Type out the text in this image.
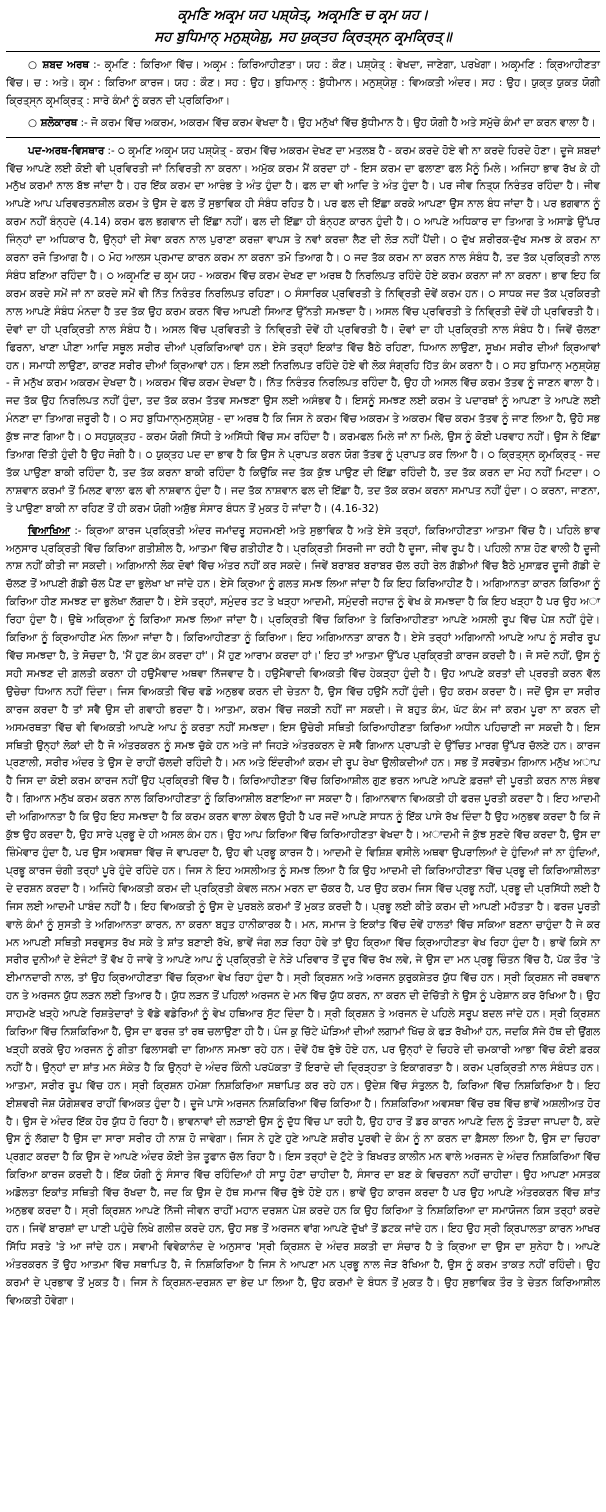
ਕਰ੍ਮਣਿ ਅਕਰ੍ਮ ਯਹ ਪਸ਼੍ਯੇਤ੍, ਅਕਰ੍ਮਣਿ ਚ ਕਰ੍ਮ ਯਹ।

ਸਹ ਬੁਧਿਮਾਨ੍ ਮਨੁਸ਼੍ਯੇਸ਼ੁ, ਸਹ ਯੁਕ੍ਤਹ ਕ੍ਰਿਤ੍ਸ੍ਨ ਕਰ੍ਮਕ੍ਰਿਤ੍॥

○ ਸ਼ਬਦ ਅਰਥ :- ਕਰ੍ਮਣਿ : ਕਿਰਿਆ ਵਿੱਚ। ਅਕਰ੍ਮ : ਕਿਰਿਆਹੀਣਤਾ। ਯਹ : ਕੌਣ। ਪਸ਼੍ਯੇਤ੍ : ਵੇਖਦਾ, ਜਾਣੇਗਾ, ਪਰਖੇਗਾ। ਅਕਰ੍ਮਣਿ : ਕ੍ਰਿਆਹੀਣਤਾ ਵਿੱਚ। ਚ : ਅਤੇ। ਕਰ੍ਮ : ਕਿਰਿਆ ਕਾਰਜ। ਯਹ : ਕੌਣ। ਸਹ : ਉਹ। ਬੁਧਿਮਾਨ੍ : ਬੁੱਧੀਮਾਨ। ਮਨੁਸ਼੍ਯੇਸ਼ੁ : ਵਿਅਕਤੀ ਅੰਦਰ। ਸਹ : ਉਹ। ਯੁਕ੍ਤ ਯੁਕਤ ਯੋਗੀ ਕ੍ਰਿਤ੍ਸ੍ਨ ਕਰ੍ਮਕ੍ਰਿਤ੍ : ਸਾਰੇ ਕੰਮਾਂ ਨੂੰ ਕਰਨ ਦੀ ਪ੍ਰਕਿਰਿਆ।

○ ਸ਼ਲੋਕਾਰਥ :- ਜੋ ਕਰਮ ਵਿੱਚ ਅਕਰਮ, ਅਕਰਮ ਵਿੱਚ ਕਰਮ ਵੇਖਦਾ ਹੈ। ਉਹ ਮਨੁੱਖਾਂ ਵਿੱਚ ਬੁੱਧੀਮਾਨ ਹੈ। ਉਹ ਯੋਗੀ ਹੈ ਅਤੇ ਸਮੁੱਚੇ ਕੰਮਾਂ ਦਾ ਕਰਨ ਵਾਲਾ ਹੈ।

ਪਦ-ਅਰਥ-ਵਿਸਥਾਰ :- ੦ ਕਰ੍ਮਣਿ ਅਕਰ੍ਮ ਯਹ ਪਸ਼੍ਯੇਤ੍ - ਕਰਮ ਵਿੱਚ ਅਕਰਮ ਦੇਖਣ ਦਾ ਮਤਲਬ ਹੈ - ਕਰਮ ਕਰਦੇ ਹੋਏ ਵੀ ਨਾ ਕਰਦੇ ਹਿਰਦੇ ਹੋਣਾ। ਦੂਜੇ ਸ਼ਬਦਾਂ ਵਿੱਚ ਆਪਣੇ ਲਈ ਕੋਈ ਵੀ ਪ੍ਰਵਿਰਤੀ ਜਾਂ ਨਿਵਿਰਤੀ ਨਾ ਕਰਨਾ। ਅਮੁੱਕ ਕਰਮ ਮੈਂ ਕਰਦਾ ਹਾਂ - ਇਸ ਕਰਮ ਦਾ ਫਲਾਣਾ ਫਲ ਮੈਨੂੰ ਮਿਲੇ। ਅਜਿਹਾ ਭਾਵ ਰੱਖ ਕੇ ਹੀ ਮਨੁੱਖ ਕਰਮਾਂ ਨਾਲ ਬੱਝ ਜਾਂਦਾ ਹੈ। ਹਰ ਇੱਕ ਕਰਮ ਦਾ ਆਰੰਭ ਤੇ ਅੰਤ ਹੁੰਦਾ ਹੈ। ਫਲ ਦਾ ਵੀ ਆਦਿ ਤੇ ਅੰਤ ਹੁੰਦਾ ਹੈ। ਪਰ ਜੀਵ ਨਿਤ੍ਯ ਨਿਰੰਤਰ ਰਹਿੰਦਾ ਹੈ। ਜੀਵ ਆਪਣੇ ਆਪ ਪਰਿਵਰਤਨਸ਼ੀਲ ਕਰਮ ਤੇ ਉਸ ਦੇ ਫਲ ਤੋਂ ਸੁਭਾਵਿਕ ਹੀ ਸੰਬੰਧ ਰਹਿਤ ਹੈ। ਪਰ ਫਲ ਦੀ ਇੱਛਾ ਕਰਕੇ ਆਪਣਾ ਉਸ ਨਾਲ ਬੰਧ ਜਾਂਦਾ ਹੈ। ਪਰ ਭਗਵਾਨ ਨੂੰ ਕਰਮ ਨਹੀਂ ਬੰਨ੍ਹਦੇ (4.14) ਕਰਮ ਫਲ ਭਗਵਾਨ ਦੀ ਇੱਛਾ ਨਹੀਂ। ਫਲ ਦੀ ਇੱਛਾ ਹੀ ਬੰਨ੍ਹਣ ਕਾਰਨ ਹੁੰਦੀ ਹੈ। ੦ ਆਪਣੇ ਅਧਿਕਾਰ ਦਾ ਤਿਆਗ ਤੇ ਅਸਾਡੇ ਉੱਪਰ ਜਿੰਨ੍ਹਾਂ ਦਾ ਅਧਿਕਾਰ ਹੈ, ਉਨ੍ਹਾਂ ਦੀ ਸੇਵਾ ਕਰਨ ਨਾਲ ਪੁਰਾਣਾ ਕਰਜ਼ਾ ਵਾਪਸ ਤੇ ਨਵਾਂ ਕਰਜ਼ਾ ਲੈਣ ਦੀ ਲੋੜ ਨਹੀਂ ਪੈਂਦੀ। ੦ ਦੁੱਖ ਸ਼ਰੀਰਕ-ਦੁੱਖ ਸਮਝ ਕੇ ਕਰਮ ਨਾ ਕਰਨਾ ਰਜੋ ਤਿਆਗ ਹੈ। ੦ ਮੋਹ ਆਲਸ ਪ੍ਰਮਾਦ ਕਾਰਨ ਕਰਮ ਨਾ ਕਰਨਾ ਤਮੋ ਤਿਆਗ ਹੈ। ੦ ਜਦ ਤੱਕ ਕਰਮ ਨਾ ਕਰਨ ਨਾਲ ਸੰਬੰਧ ਹੈ, ਤਦ ਤੱਕ ਪ੍ਰਕ੍ਰਿਤੀ ਨਾਲ ਸੰਬੰਧ ਬਣਿਆ ਰਹਿੰਦਾ ਹੈ। ੦ ਅਕਰ੍ਮਣਿ ਚ ਕਰ੍ਮ ਯਹ - ਅਕਰਮ ਵਿੱਚ ਕਰਮ ਦੇਖਣ ਦਾ ਅਰਥ ਹੈ ਨਿਰਲਿਪਤ ਰਹਿੰਦੇ ਹੋਏ ਕਰਮ ਕਰਨਾ ਜਾਂ ਨਾ ਕਰਨਾ। ਭਾਵ ਇਹ ਕਿ ਕਰਮ ਕਰਦੇ ਸਮੇਂ ਜਾਂ ਨਾ ਕਰਦੇ ਸਮੇਂ ਵੀ ਨਿੱਤ ਨਿਰੰਤਰ ਨਿਰਲਿਪਤ ਰਹਿਣਾ। ੦ ਸੰਸਾਰਿਕ ਪ੍ਰਵਿਰਤੀ ਤੇ ਨਿਵ੍ਰਿਤੀ ਦੋਵੇਂ ਕਰਮ ਹਨ। ੦ ਸਾਧਕ ਜਦ ਤੱਕ ਪ੍ਰਕਿਰਤੀ ਨਾਲ ਆਪਣੇ ਸੰਬੰਧ ਮੰਨਦਾ ਹੈ ਤਦ ਤੱਕ ਉਹ ਕਰਮ ਕਰਨ ਵਿੱਚ ਆਪਣੀ ਸਿਆਣ ਉੱਨਤੀ ਸਮਝਦਾ ਹੈ। ਅਸਲ ਵਿੱਚ ਪ੍ਰਵਿਰਤੀ ਤੇ ਨਿਵ੍ਰਿਤੀ ਦੋਵੇਂ ਹੀ ਪ੍ਰਵਿਰਤੀ ਹੈ। ਦੋਵਾਂ ਦਾ ਹੀ ਪ੍ਰਕ੍ਰਿਤੀ ਨਾਲ ਸੰਬੰਧ ਹੈ। ਅਸਲ ਵਿੱਚ ਪ੍ਰਵਿਰਤੀ ਤੇ ਨਿਵ੍ਰਿਤੀ ਦੋਵੇਂ ਹੀ ਪ੍ਰਵਿਰਤੀ ਹੈ। ਦੋਵਾਂ ਦਾ ਹੀ ਪ੍ਰਕ੍ਰਿਤੀ ਨਾਲ ਸੰਬੰਧ ਹੈ। ਜਿਵੇਂ ਚੱਲਣਾ ਫਿਰਨਾ, ਖਾਣਾ ਪੀਣਾ ਆਦਿ ਸਥੂਲ ਸਰੀਰ ਦੀਆਂ ਪ੍ਰਕਿਰਿਆਵਾਂ ਹਨ। ਏਸੇ ਤਰ੍ਹਾਂ ਇਕਾਂਤ ਵਿੱਚ ਬੈਠੇ ਰਹਿਣਾ, ਧਿਆਨ ਲਾਉਣਾ, ਸੂਖਮ ਸਰੀਰ ਦੀਆਂ ਕ੍ਰਿਆਵਾਂ ਹਨ। ਸਮਾਧੀ ਲਾਉਣਾ, ਕਾਰਣ ਸਰੀਰ ਦੀਆਂ ਕ੍ਰਿਆਵਾਂ ਹਨ। ਇਸ ਲਈ ਨਿਰਲਿਪਤ ਰਹਿੰਦੇ ਹੋਏ ਵੀ ਲੋਕ ਸੰਗ੍ਰਹਿ ਹਿੱਤ ਕੰਮ ਕਰਨਾ ਹੈ। ੦ ਸਹ ਬੁਧਿਮਾਨ੍ ਮਨੁਸ਼੍ਯੇਸ਼ੁ - ਜੋ ਮਨੁੱਖ ਕਰਮ ਅਕਰਮ ਦੇਖਦਾ ਹੈ। ਅਕਰਮ ਵਿੱਚ ਕਰਮ ਦੇਖਦਾ ਹੈ। ਨਿੱਤ ਨਿਰੰਤਰ ਨਿਰਲਿਪਤ ਰਹਿੰਦਾ ਹੈ, ਉਹ ਹੀ ਅਸਲ ਵਿੱਚ ਕਰਮ ਤੱਤਵ ਨੂੰ ਜਾਣਨ ਵਾਲਾ ਹੈ। ਜਦ ਤੱਕ ਉਹ ਨਿਰਲਿਪਤ ਨਹੀਂ ਹੁੰਦਾ, ਤਦ ਤੱਕ ਕਰਮ ਤੱਤਵ ਸਮਝਣਾ ਉਸ ਲਈ ਅਸੰਭਵ ਹੈ। ਇਸਨੂੰ ਸਮਝਣ ਲਈ ਕਰਮ ਤੇ ਪਦਾਰਥਾਂ ਨੂੰ ਆਪਣਾ ਤੇ ਆਪਣੇ ਲਈ ਮੰਨਣਾ ਦਾ ਤਿਆਗ ਜ਼ਰੂਰੀ ਹੈ। ੦ ਸਹ ਬੁਧਿਮਾਨ੍ਮਨੁਸ਼੍ਯੇਸ਼ੁ - ਦਾ ਅਰਥ ਹੈ ਕਿ ਜਿਸ ਨੇ ਕਰਮ ਵਿੱਚ ਅਕਰਮ ਤੇ ਅਕਰਮ ਵਿੱਚ ਕਰਮ ਤੱਤਵ ਨੂੰ ਜਾਣ ਲਿਆ ਹੈ, ਉਹੋ ਸਭ ਕੁੱਝ ਜਾਣ ਗਿਆ ਹੈ। ੦ ਸਹਯੁਕ੍ਤਹ - ਕਰਮ ਯੋਗੀ ਸਿੱਧੀ ਤੇ ਅਸਿੱਧੀ ਵਿੱਚ ਸਮ ਰਹਿੰਦਾ ਹੈ। ਕਰਮਫਲ ਮਿਲੇ ਜਾਂ ਨਾ ਮਿਲੇ, ਉਸ ਨੂੰ ਕੋਈ ਪਰਵਾਹ ਨਹੀਂ। ਉਸ ਨੇ ਇੱਛਾ ਤਿਆਗ ਦਿੱਤੀ ਹੁੰਦੀ ਹੈ ਉਹ ਜੋਗੀ ਹੈ। ੦ ਯੁਕ੍ਤਹ ਪਦ ਦਾ ਭਾਵ ਹੈ ਕਿ ਉਸ ਨੇ ਪ੍ਰਾਪਤ ਕਰਨ ਯੋਗ ਤੱਤਵ ਨੂੰ ਪ੍ਰਾਪਤ ਕਰ ਲਿਆ ਹੈ। ੦ ਕ੍ਰਿਤ੍ਸ੍ਨ ਕਰ੍ਮਕ੍ਰਿਤ੍ - ਜਦ ਤੱਕ ਪਾਉਣਾ ਬਾਕੀ ਰਹਿੰਦਾ ਹੈ, ਤਦ ਤੱਕ ਕਰਨਾ ਬਾਕੀ ਰਹਿੰਦਾ ਹੈ ਕਿਉਂਕਿ ਜਦ ਤੱਕ ਕੁੱਝ ਪਾਉਣ ਦੀ ਇੱਛਾ ਰਹਿੰਦੀ ਹੈ, ਤਦ ਤੱਕ ਕਰਨ ਦਾ ਮੋਹ ਨਹੀਂ ਮਿਟਦਾ। ੦ ਨਾਸ਼ਵਾਨ ਕਰਮਾਂ ਤੋਂ ਮਿਲਣ ਵਾਲਾ ਫਲ ਵੀ ਨਾਸ਼ਵਾਨ ਹੁੰਦਾ ਹੈ। ਜਦ ਤੱਕ ਨਾਸ਼ਵਾਨ ਫਲ ਦੀ ਇੱਛਾ ਹੈ, ਤਦ ਤੱਕ ਕਰਮ ਕਰਨਾ ਸਮਾਪਤ ਨਹੀਂ ਹੁੰਦਾ। ੦ ਕਰਨਾ, ਜਾਣਨਾ, ਤੇ ਪਾਉਣਾ ਬਾਕੀ ਨਾ ਰਹਿਣ ਤੋਂ ਹੀ ਕਰਮ ਯੋਗੀ ਅਸ਼ੁੱਭ ਸੰਸਾਰ ਬੰਧਨ ਤੋਂ ਮੁਕਤ ਹੋ ਜਾਂਦਾ ਹੈ। (4.16-32)

ਵਿਆਖਿਆ :- ਕ੍ਰਿਆ ਕਾਰਜ ਪ੍ਰਕ੍ਰਿਤੀ ਅੰਦਰ ਜਮਾਂਦਰੂ ਸਹਜਮਈ ਅਤੇ ਸੁਭਾਵਿਕ ਹੈ ਅਤੇ ਏਸੇ ਤਰ੍ਹਾਂ, ਕਿਰਿਆਹੀਣਤਾ ਆਤਮਾ ਵਿੱਚ ਹੈ। ਪਹਿਲੇ ਭਾਵ ਅਨੁਸਾਰ ਪ੍ਰਕ੍ਰਿਤੀ ਵਿੱਚ ਕਿਰਿਆ ਗਤੀਸ਼ੀਲ ਹੈ, ਆਤਮਾ ਵਿੱਚ ਗਤੀਹੀਣ ਹੈ। ਪ੍ਰਕ੍ਰਿਤੀ ਸਿਰਜੀ ਜਾ ਰਹੀ ਹੈ ਦੂਜਾ, ਜੀਵ ਰੂਪ ਹੈ। ਪਹਿਲੀ ਨਾਸ਼ ਹੋਣ ਵਾਲੀ ਹੈ ਦੂਜੀ ਨਾਸ਼ ਨਹੀਂ ਕੀਤੀ ਜਾ ਸਕਦੀ। ਅਗਿਆਨੀ ਲੋਕ ਦੋਵਾਂ ਵਿੱਚ ਅੰਤਰ ਨਹੀਂ ਕਰ ਸਕਦੇ। ਜਿਵੇਂ ਬਰਾਬਰ ਬਰਾਬਰ ਚੱਲ ਰਹੀ ਰੇਲ ਗੱਡੀਆਂ ਵਿੱਚ ਬੈਠੇ ਮੁਸਾਫ਼ਰ ਦੂਜੀ ਗੱਡੀ ਦੇ ਚੱਲਣ ਤੋਂ ਆਪਣੀ ਗੱਡੀ ਚੱਲ ਪੈਣ ਦਾ ਭੁਲੇਖਾ ਖਾ ਜਾਂਦੇ ਹਨ। ਏਸੇ ਕ੍ਰਿਆ ਨੂੰ ਗਲਤ ਸਮਝ ਲਿਆ ਜਾਂਦਾ ਹੈ ਕਿ ਇਹ ਕਿਰਿਆਹੀਣ ਹੈ। ਅਗਿਆਨਤਾ ਕਾਰਨ ਕਿਰਿਆ ਨੂੰ ਕਿਰਿਆ ਹੀਣ ਸਮਝਣ ਦਾ ਭੁਲੇਖਾ ਲੱਗਦਾ ਹੈ। ਏਸੇ ਤਰ੍ਹਾਂ, ਸਮੁੰਦਰ ਤਟ ਤੇ ਖੜ੍ਹਾ ਆਦਮੀ, ਸਮੁੰਦਰੀ ਜਹਾਜ਼ ਨੂੰ ਵੇਖ ਕੇ ਸਮਝਦਾ ਹੈ ਕਿ ਇਹ ਖੜ੍ਹਾ ਹੈ ਪਰ ਉਹ ਅਾ ਰਿਹਾ ਹੁੰਦਾ ਹੈ। ਉਥੇ ਅਕ੍ਰਿਆ ਨੂੰ ਕਿਰਿਆ ਸਮਝ ਲਿਆ ਜਾਂਦਾ ਹੈ। ਪ੍ਰਕ੍ਰਿਤੀ ਵਿੱਚ ਕਿਰਿਆ ਤੇ ਕਿਰਿਆਹੀਣਤਾ ਆਪਣੇ ਅਸਲੀ ਰੂਪ ਵਿੱਚ ਪੇਸ਼ ਨਹੀਂ ਹੁੰਦੇ। ਕਿਰਿਆ ਨੂੰ ਕ੍ਰਿਆਹੀਣ ਮੰਨ ਲਿਆ ਜਾਂਦਾ ਹੈ। ਕਿਰਿਆਹੀਣਤਾ ਨੂੰ ਕਿਰਿਆ। ਇਹ ਅਗਿਆਨਤਾ ਕਾਰਨ ਹੈ। ਏਸੇ ਤਰ੍ਹਾਂ ਅਗਿਆਨੀ ਆਪਣੇ ਆਪ ਨੂੰ ਸਰੀਰ ਰੂਪ ਵਿੱਚ ਸਮਝਦਾ ਹੈ, ਤੇ ਸੋਚਦਾ ਹੈ, 'ਮੈਂ ਹੁਣ ਕੰਮ ਕਰਦਾ ਹਾਂ'। ਮੈਂ ਹੁਣ ਆਰਾਮ ਕਰਦਾ ਹਾਂ।' ਇਹ ਤਾਂ ਆਤਮਾ ਉੱਪਰ ਪ੍ਰਕ੍ਰਿਤੀ ਕਾਰਜ ਕਰਦੀ ਹੈ। ਜੋ ਸਦੋ ਨਹੀਂ, ਉਸ ਨੂੰ ਸਹੀ ਸਮਝਣ ਦੀ ਗ਼ਲਤੀ ਕਰਨਾ ਹੀ ਹਉਮੈਵਾਦ ਅਥਵਾ ਨਿੱਜਵਾਦ ਹੈ। ਹਉਮੈਵਾਦੀ ਵਿਅਕਤੀ ਵਿੱਚ ਹੇਕੜ੍ਹਾ ਹੁੰਦੀ ਹੈ। ਉਹ ਆਪਣੇ ਕਰਤਾਂ ਦੀ ਪ੍ਰਰਤੀ ਕਰਨ ਵੱਲ ਉਚੇਚਾ ਧਿਆਨ ਨਹੀਂ ਦਿੰਦਾ। ਜਿਸ ਵਿਅਕਤੀ ਵਿੱਚ ਵਡੋ ਅਨੁਭਵ ਕਰਨ ਦੀ ਚੇਤਨਾ ਹੈ, ਉਸ ਵਿੱਚ ਹਉਮੈ ਨਹੀਂ ਹੁੰਦੀ। ਉਹ ਕਰਮ ਕਰਦਾ ਹੈ। ਜਦੋਂ ਉਸ ਦਾ ਸਰੀਰ ਕਾਰਜ ਕਰਦਾ ਹੈ ਤਾਂ ਸਵੈ ਉਸ ਦੀ ਗਵਾਹੀ ਭਰਦਾ ਹੈ। ਆਤਮਾ, ਕਰਮ ਵਿੱਚ ਜਕੜੀ ਨਹੀਂ ਜਾ ਸਕਦੀ। ਜੇ ਬਹੁਤ ਕੰਮ, ਘੱਟ ਕੰਮ ਜਾਂ ਕਰਮ ਪੂਰਾ ਨਾ ਕਰਨ ਦੀ ਅਸਮਰਥਤਾ ਵਿੱਚ ਵੀ ਵਿਅਕਤੀ ਆਪਣੇ ਆਪ ਨੂੰ ਕਰਤਾ ਨਹੀਂ ਸਮਝਦਾ। ਇਸ ਉਚੇਰੀ ਸਥਿਤੀ ਕਿਰਿਆਹੀਣਤਾ ਕਿਰਿਆ ਅਧੀਨ ਪਹਿਚਾਣੀ ਜਾ ਸਕਦੀ ਹੈ। ਇਸ ਸਥਿਤੀ ਉਨ੍ਹਾਂ ਲੋਕਾਂ ਦੀ ਹੈ ਜੋ ਅੰਤਰਕਰਨ ਨੂੰ ਸਮਝ ਚੁੱਕੇ ਹਨ ਅਤੇ ਜਾਂ ਜਿਹੜੇ ਅੰਤਰਕਰਨ ਦੇ ਸਵੈ ਗਿਆਨ ਪ੍ਰਾਪਤੀ ਦੇ ਉੱਚਿਤ ਮਾਰਗ ਉੱਪਰ ਚੱਲਣੇ ਹਨ। ਕਾਰਜ ਪ੍ਰਣਾਲੀ, ਸਰੀਰ ਅੰਦਰ ਤੇ ਉਸ ਦੇ ਰਾਹੀਂ ਚੱਲਦੀ ਰਹਿੰਦੀ ਹੈ। ਮਨ ਅਤੇ ਇੰਦਰੀਆਂ ਕਰਮ ਦੀ ਰੂਪ ਰੇਖਾ ਉਲੀਕਦੀਆਂ ਹਨ। ਸਭ ਤੋਂ ਸਰਵੋਤਮ ਗਿਆਨ ਮਨੁੱਖ ਅਾਪ ਹੈ ਜਿਸ ਦਾ ਕੋਈ ਕਰਮ ਕਾਰਜ ਨਹੀਂ ਉਹ ਪ੍ਰਕ੍ਰਿਤੀ ਵਿੱਚ ਹੈ। ਕਿਰਿਆਹੀਣਤਾ ਵਿੱਚ ਕਿਰਿਆਸ਼ੀਲ ਗੁਣ ਭਰਨ ਆਪਣੇ ਆਪਣੇ ਫ਼ਰਜ਼ਾਂ ਦੀ ਪੂਰਤੀ ਕਰਨ ਨਾਲ ਸੰਭਵ ਹੈ। ਗਿਆਨ ਮਨੁੱਖ ਕਰਮ ਕਰਨ ਨਾਲ ਕਿਰਿਆਹੀਣਤਾ ਨੂੰ ਕਿਰਿਆਸ਼ੀਲ ਬਣਾਇਆ ਜਾ ਸਕਦਾ ਹੈ। ਗਿਆਨਵਾਨ ਵਿਅਕਤੀ ਹੀ ਫਰਜ਼ ਪੂਰਤੀ ਕਰਦਾ ਹੈ। ਇਹ ਆਦਮੀ ਦੀ ਅਗਿਆਨਤਾ ਹੈ ਕਿ ਉਹ ਇਹ ਸਮਝਦਾ ਹੈ ਕਿ ਕਰਮ ਕਰਨ ਵਾਲਾ ਕੇਵਲ ਉਹੀ ਹੈ ਪਰ ਜਦੋਂ ਆਪਣੇ ਸਾਧਨ ਨੂੰ ਇੱਕ ਪਾਸੇ ਰੱਖ ਦਿੰਦਾ ਹੈ ਉਹ ਅਨੁਭਵ ਕਰਦਾ ਹੈ ਕਿ ਜੋ ਕੁੱਝ ਉਹ ਕਰਦਾ ਹੈ, ਉਹ ਸਾਰੇ ਪ੍ਰਭੂ ਦੇ ਹੀ ਅਸਲ ਕੰਮ ਹਨ। ਉਹ ਆਪ ਕਿਰਿਆ ਵਿੱਚ ਕਿਰਿਆਹੀਣਤਾ ਵੇਖਦਾ ਹੈ। ਅਾਦਮੀ ਜੋ ਕੁੱਝ ਸੁਣਦੇ ਵਿੱਚ ਕਰਦਾ ਹੈ, ਉਸ ਦਾ ਜ਼ਿੰਮੇਵਾਰ ਹੁੰਦਾ ਹੈ, ਪਰ ਉਸ ਅਵਸਥਾ ਵਿੱਚ ਜੋ ਵਾਪਰਦਾ ਹੈ, ਉਹ ਵੀ ਪ੍ਰਭੂ ਕਾਰਜ ਹੈ। ਆਦਮੀ ਦੇ ਵਿਸ਼ਿਸ਼ ਵਸੀਲੇ ਅਥਵਾ ਉਪਰਾਲਿਆਂ ਦੇ ਹੁੰਦਿਆਂ ਜਾਂ ਨਾ ਹੁੰਦਿਆਂ, ਪ੍ਰਭੂ ਕਾਰਜ ਚੰਗੀ ਤਰ੍ਹਾਂ ਪੂਰੇ ਹੁੰਦੇ ਰਹਿੰਦੇ ਹਨ। ਜਿਸ ਨੇ ਇਹ ਅਸਲੀਅਤ ਨੂੰ ਸਮਝ ਲਿਆ ਹੈ ਕਿ ਉਹ ਆਦਮੀ ਦੀ ਕਿਰਿਆਹੀਣਤਾ ਵਿੱਚ ਪ੍ਰਭੂ ਦੀ ਕਿਰਿਆਸ਼ੀਲਤਾ ਦੇ ਦਰਸ਼ਨ ਕਰਦਾ ਹੈ। ਅਜਿਹੇ ਵਿਅਕਤੀ ਕਰਮ ਦੀ ਪ੍ਰਕ੍ਰਿਤੀ ਕੇਵਲ ਜਨਮ ਮਰਨ ਦਾ ਚੱਕਰ ਹੈ, ਪਰ ਉਹ ਕਰਮ ਜਿਸ ਵਿੱਚ ਪ੍ਰਭੂ ਨਹੀਂ, ਪ੍ਰਭੂ ਦੀ ਪ੍ਰਸਿੱਧੀ ਲਈ ਹੈ ਜਿਸ ਲਈ ਆਦਮੀ ਪਾਬੰਦ ਨਹੀਂ ਹੈ। ਇਹ ਵਿਅਕਤੀ ਨੂੰ ਉਸ ਦੇ ਪੁਰਬਲੇ ਕਰਮਾਂ ਤੋਂ ਮੁਕਤ ਕਰਦੀ ਹੈ। ਪ੍ਰਭੂ ਲਈ ਕੀਤੇ ਕਰਮ ਦੀ ਆਪਣੀ ਮਹੱਤਤਾ ਹੈ। ਫਰਜ਼ ਪੂਰਤੀ ਵਾਲੇ ਕੰਮਾਂ ਨੂੰ ਸੁਸਤੀ ਤੇ ਅਗਿਆਨਤਾ ਕਾਰਨ, ਨਾ ਕਰਨਾ ਬਹੁਤ ਹਾਨੀਕਾਰਕ ਹੈ। ਮਨ, ਸਮਾਜ ਤੇ ਇਕਾਂਤ ਵਿੱਚ ਦੋਵੇਂ ਹਾਲਤਾਂ ਵਿੱਚ ਸਕਿਆ ਬਣਨਾ ਚਾਹੁੰਦਾ ਹੈ ਜੇ ਕਰ ਮਨ ਆਪਣੀ ਸਥਿਤੀ ਸਰਵੁਸਤ ਰੱਖ ਸਕੇ ਤੇ ਸ਼ਾਂਤ ਬਣਾਈ ਰੱਖੇ, ਭਾਵੇਂ ਜੰਗ ਲੜ ਰਿਹਾ ਹੋਵੇ ਤਾਂ ਉਹ ਕ੍ਰਿਆ ਵਿੱਚ ਕ੍ਰਿਆਹੀਣਤਾ ਵੇਖ ਰਿਹਾ ਹੁੰਦਾ ਹੈ। ਭਾਵੇਂ ਕਿਸੇ ਨਾ ਸਰੀਰ ਦੁਨੀਆਂ ਦੇ ਏਜੰਟਾਂ ਤੋਂ ਵੱਖ ਹੋ ਜਾਵੇ ਤੇ ਆਪਣੇ ਆਪ ਨੂੰ ਪ੍ਰਕ੍ਰਿਤੀ ਦੇ ਨੇੜੇ ਪਰਿਵਾਰ ਤੋਂ ਦੂਰ ਵਿੱਚ ਰੱਖ ਲਵੇ, ਜੇ ਉਸ ਦਾ ਮਨ ਪ੍ਰਭੂ ਚਿੰਤਨ ਵਿੱਚ ਹੈ, ਪੱਕ ਤੌਰ 'ਤੇ ਈਮਾਨਦਾਰੀ ਨਾਲ, ਤਾਂ ਉਹ ਕ੍ਰਿਆਹੀਣਤਾ ਵਿੱਚ ਕ੍ਰਿਆ ਵੇਖ ਰਿਹਾ ਹੁੰਦਾ ਹੈ। ਸ੍ਰੀ ਕ੍ਰਿਸ਼ਨ ਅਤੇ ਅਰਜਨ ਕੁਰੁਕਸ਼ੇਤਰ ਯੁੱਧ ਵਿੱਚ ਹਨ। ਸ੍ਰੀ ਕ੍ਰਿਸ਼ਨ ਜੀ ਰਥਵਾਨ ਹਨ ਤੇ ਅਰਜਨ ਯੁੱਧ ਲੜਨ ਲਈ ਤਿਆਰ ਹੈ। ਯੁੱਧ ਲੜਨ ਤੋਂ ਪਹਿਲਾਂ ਅਰਜਨ ਦੇ ਮਨ ਵਿੱਚ ਯੁੱਧ ਕਰਨ, ਨਾ ਕਰਨ ਦੀ ਦੋਚਿੱਤੀ ਨੇ ਉਸ ਨੂੰ ਪਰੇਸ਼ਾਨ ਕਰ ਰੱਖਿਆ ਹੈ। ਉਹ ਸਾਹਮਣੇ ਖੜ੍ਹੇ ਆਪਣੇ ਰਿਸ਼ਤੇਦਾਰਾਂ ਤੇ ਵੱਡੇ ਵਡੇਰਿਆਂ ਨੂੰ ਵੇਖ ਹਥਿਆਰ ਸੁੱਟ ਦਿੰਦਾ ਹੈ। ਸ੍ਰੀ ਕ੍ਰਿਸ਼ਨ ਤੇ ਅਰਜਨ ਦੇ ਪਹਿਲੇ ਸਰੂਪ ਬਦਲ ਜਾਂਦੇ ਹਨ। ਸ੍ਰੀ ਕ੍ਰਿਸ਼ਨ ਕਿਰਿਆ ਵਿੱਚ ਨਿਸ਼ਕਿਰਿਆ ਹੈ, ਉਸ ਦਾ ਫਰਜ਼ ਤਾਂ ਰਥ ਚਲਾਉਣਾ ਹੀ ਹੈ। ਪੰਜ ਕੁ ਚਿੱਟੇ ਘੋੜਿਆਂ ਦੀਆਂ ਲਗਾਮਾਂ ਖਿੱਚ ਕੇ ਫੜ ਰੱਖੀਆਂ ਹਨ, ਜਦਕਿ ਸੱਜੇ ਹੱਥ ਦੀ ਉਂਗਲ ਖੜ੍ਹੀ ਕਰਕੇ ਉਹ ਅਰਜਨ ਨੂੰ ਗੀਤਾ ਫਿਲਾਸਫੀ ਦਾ ਗਿਆਨ ਸਮਝਾ ਰਹੇ ਹਨ। ਦੋਵੇਂ ਹੱਥ ਰੁੱਝੇ ਹੋਏ ਹਨ, ਪਰ ਉਨ੍ਹਾਂ ਦੇ ਚਿਹਰੇ ਦੀ ਚਮਕਾਰੀ ਆਭਾ ਵਿੱਚ ਕੋਈ ਫ਼ਰਕ ਨਹੀਂ ਹੈ। ਉਨ੍ਹਾਂ ਦਾ ਸ਼ਾਂਤ ਮਨ ਸੰਕੇਤ ਹੈ ਕਿ ਉਨ੍ਹਾਂ ਦੇ ਅੰਦਰ ਕਿੰਨੀ ਪਰਪੱਕਤਾ ਤੋਂ ਇਰਾਦੇ ਦੀ ਦ੍ਰਿੜ੍ਹਤਾ ਤੇ ਇਕਾਗਰਤਾ ਹੈ। ਕਰਮ ਪ੍ਰਕ੍ਰਿਤੀ ਨਾਲ ਸੰਬੰਧਤ ਹਨ। ਆਤਮਾ, ਸਰੀਰ ਰੂਪ ਵਿੱਚ ਹਨ। ਸ੍ਰੀ ਕ੍ਰਿਸ਼ਨ ਹਮੇਸ਼ਾ ਨਿਸ਼ਕਿਰਿਆ ਸਥਾਪਿਤ ਕਰ ਰਹੇ ਹਨ। ਉਦੇਸ਼ ਵਿੱਚ ਸੰਤੁਲਨ ਹੈ, ਕਿਰਿਆ ਵਿੱਚ ਨਿਸ਼ਕਿਰਿਆ ਹੈ। ਇਹ ਈਸ਼ਵਰੀ ਜੋਸ਼ ਯੋਗੇਸ਼ਵਰ ਰਾਹੀਂ ਵਿਅਕਤ ਹੁੰਦਾ ਹੈ। ਦੂਜੇ ਪਾਸੇ ਅਰਜਨ ਨਿਸ਼ਕਿਰਿਆ ਵਿੱਚ ਕਿਰਿਆ ਹੈ। ਨਿਸ਼ਕਿਰਿਆ ਅਵਸਥਾ ਵਿੱਚ ਰਥ ਵਿੱਚ ਭਾਵੇਂ ਅਸ਼ਲੀਅਤ ਹੋਰ ਹੈ। ਉਸ ਦੇ ਅੰਦਰ ਇੱਕ ਹੋਰ ਯੁੱਧ ਹੋ ਰਿਹਾ ਹੈ। ਭਾਵਨਾਵਾਂ ਦੀ ਲੜਾਈ ਉਸ ਨੂੰ ਦੁੱਧ ਵਿੱਚ ਪਾ ਰਹੀ ਹੈ, ਉਹ ਹਾਰ ਤੋਂ ਡਰ ਕਾਰਨ ਆਪਣੇ ਦਿਲ ਨੂੰ ਤੋੜਦਾ ਜਾਪਦਾ ਹੈ, ਕਦੇ ਉਸ ਨੂੰ ਲੱਗਦਾ ਹੈ ਉਸ ਦਾ ਸਾਰਾ ਸਰੀਰ ਹੀ ਨਾਸ਼ ਹੋ ਜਾਵੇਗਾ। ਜਿਸ ਨੇ ਹੁਣੇ ਹੁਣੇ ਆਪਣੇ ਸ਼ਰੀਰ ਪੂਰਵੀ ਦੇ ਕੰਮ ਨੂੰ ਨਾ ਕਰਨ ਦਾ ਫ਼ੈਸਲਾ ਲਿਆ ਹੈ, ਉਸ ਦਾ ਚਿਹਰਾ ਪ੍ਰਗਟ ਕਰਦਾ ਹੈ ਕਿ ਉਸ ਦੇ ਆਪਣੇ ਅੰਦਰ ਕੋਈ ਤੇਜ਼ ਤੂਫਾਨ ਚੱਲ ਰਿਹਾ ਹੈ। ਇਸ ਤਰ੍ਹਾਂ ਦੇ ਟੁੱਟੇ ਤੇ ਬਿਖਰਤ ਕਾਲੀਨ ਮਨ ਵਾਲੇ ਅਰਜਨ ਦੇ ਅੰਦਰ ਨਿਸ਼ਕਿਰਿਆ ਵਿੱਚ ਕਿਰਿਆ ਕਾਰਜ ਕਰਦੀ ਹੈ। ਇੱਕ ਯੋਗੀ ਨੂੰ ਸੰਸਾਰ ਵਿੱਚ ਰਹਿੰਦਿਆਂ ਹੀ ਸਾਧੂ ਹੋਣਾ ਚਾਹੀਦਾ ਹੈ, ਸੰਸਾਰ ਦਾ ਬਣ ਕੇ ਵਿਚਰਨਾ ਨਹੀਂ ਚਾਹੀਦਾ। ਉਹ ਆਪਣਾ ਮਸਤਕ ਅਡੋਲਤਾ ਇਕਾਂਤ ਸਥਿਤੀ ਵਿੱਚ ਰੱਖਦਾ ਹੈ, ਜਦ ਕਿ ਉਸ ਦੇ ਹੱਥ ਸਮਾਜ ਵਿੱਚ ਰੁੱਝੇ ਹੋਏ ਹਨ। ਭਾਵੇਂ ਉਹ ਕਾਰਜ ਕਰਦਾ ਹੈ ਪਰ ਉਹ ਆਪਣੇ ਅੰਤਰਕਰਨ ਵਿੱਚ ਸ਼ਾਂਤ ਅਨੁਭਵ ਕਰਦਾ ਹੈ। ਸ੍ਰੀ ਕ੍ਰਿਸ਼ਨ ਆਪਣੇ ਨਿੱਜੀ ਜੀਵਨ ਰਾਹੀਂ ਮਹਾਨ ਦਰਸ਼ਨ ਪੇਸ਼ ਕਰਦੇ ਹਨ ਕਿ ਉਹ ਕਿਰਿਆ ਤੇ ਨਿਸ਼ਕਿਰਿਆ ਦਾ ਸਮਾਯੋਜਨ ਕਿਸ ਤਰ੍ਹਾਂ ਕਰਦੇ ਹਨ। ਜਿਵੇਂ ਬਾਰਸ਼ਾਂ ਦਾ ਪਾਣੀ ਪਹੁੰਚੇ ਲਿਖੇ ਗਲੀਜ਼ ਕਰਦੇ ਹਨ, ਉਹ ਸਭ ਤੋਂ ਅਰਜਨ ਵਾਂਗ ਆਪਣੇ ਦੁੱਖਾਂ ਤੋਂ ਡਟਕ ਜਾਂਦੇ ਹਨ। ਇਹ ਉਹ ਸ੍ਰੀ ਕ੍ਰਿਪਾਲਤਾ ਕਾਰਨ ਆਖਰ ਸਿੱਧਿ ਸਰਤੇ 'ਤੇ ਆ ਜਾਂਦੇ ਹਨ। ਸਵਾਮੀ ਵਿਵੇਕਾਨੰਦ ਦੇ ਅਨੁਸਾਰ 'ਸ੍ਰੀ ਕ੍ਰਿਸ਼ਨ ਦੇ ਅੰਦਰ ਸ਼ਕਤੀ ਦਾ ਸੰਚਾਰ ਹੈ ਤੇ ਕ੍ਰਿਆ ਦਾ ਉਸ ਦਾ ਸੁਨੇਹਾ ਹੈ। ਆਪਣੇ ਅੰਤਰਕਰਨ ਤੋਂ ਉਹ ਆਤਮਾ ਵਿੱਚ ਸਥਾਪਿਤ ਹੈ, ਜੋ ਨਿਸ਼ਕਿਰਿਆ ਹੈ ਜਿਸ ਨੇ ਆਪਣਾ ਮਨ ਪ੍ਰਭੂ ਨਾਲ ਜੋੜ ਰੱਖਿਆ ਹੈ, ਉਸ ਨੂੰ ਕਰਮ ਤਾਕਤ ਨਹੀਂ ਰਹਿੰਦੀ। ਉਹ ਕਰਮਾਂ ਦੇ ਪ੍ਰਭਾਵ ਤੋਂ ਮੁਕਤ ਹੈ। ਜਿਸ ਨੇ ਕ੍ਰਿਸ਼ਨ-ਦਰਸ਼ਨ ਦਾ ਭੇਦ ਪਾ ਲਿਆ ਹੈ, ਉਹ ਕਰਮਾਂ ਦੇ ਬੰਧਨ ਤੋਂ ਮੁਕਤ ਹੈ। ਉਹ ਸੁਭਾਵਿਕ ਤੌਰ ਤੇ ਚੇਤਨ ਕਿਰਿਆਸ਼ੀਲ ਵਿਅਕਤੀ ਹੋਵੇਗਾ।
